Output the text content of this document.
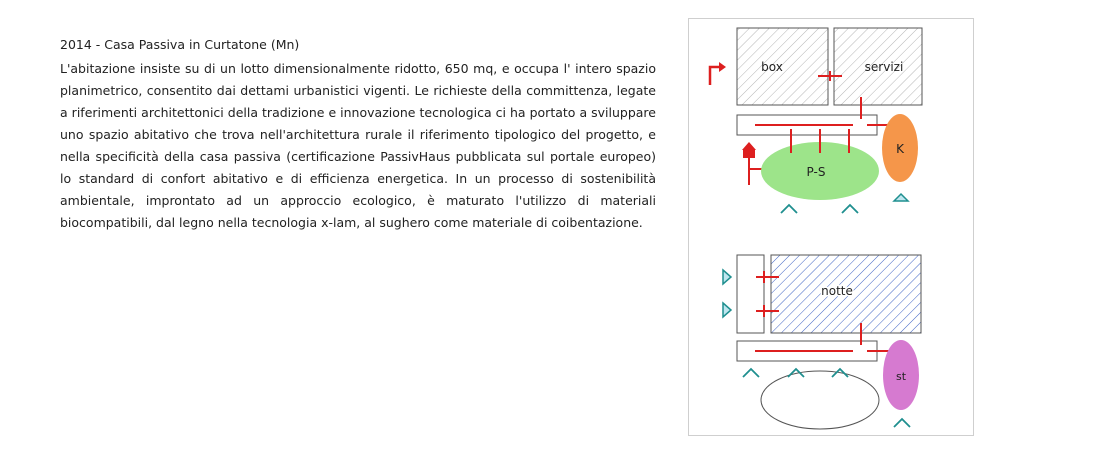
2014 - Casa Passiva in Curtatone (Mn)

L'abitazione insiste su di un lotto dimensionalmente ridotto, 650 mq, e occupa l' intero spazio planimetrico, consentito dai dettami urbanistici vigenti. Le richieste della committenza, legate a riferimenti architettonici della tradizione e innovazione tecnologica ci ha portato a sviluppare uno spazio abitativo che trova nell'architettura rurale il riferimento tipologico del progetto, e nella specificità della casa passiva (certificazione PassivHaus pubblicata sul portale europeo) lo standard di confort abitativo e di efficienza energetica. In un processo di sostenibilità ambientale, improntato ad un approccio ecologico, è maturato l'utilizzo di materiali biocompatibili, dal legno nella tecnologia x-lam, al sughero come materiale di coibentazione.

box	servizi
P-S
K
notte
st
